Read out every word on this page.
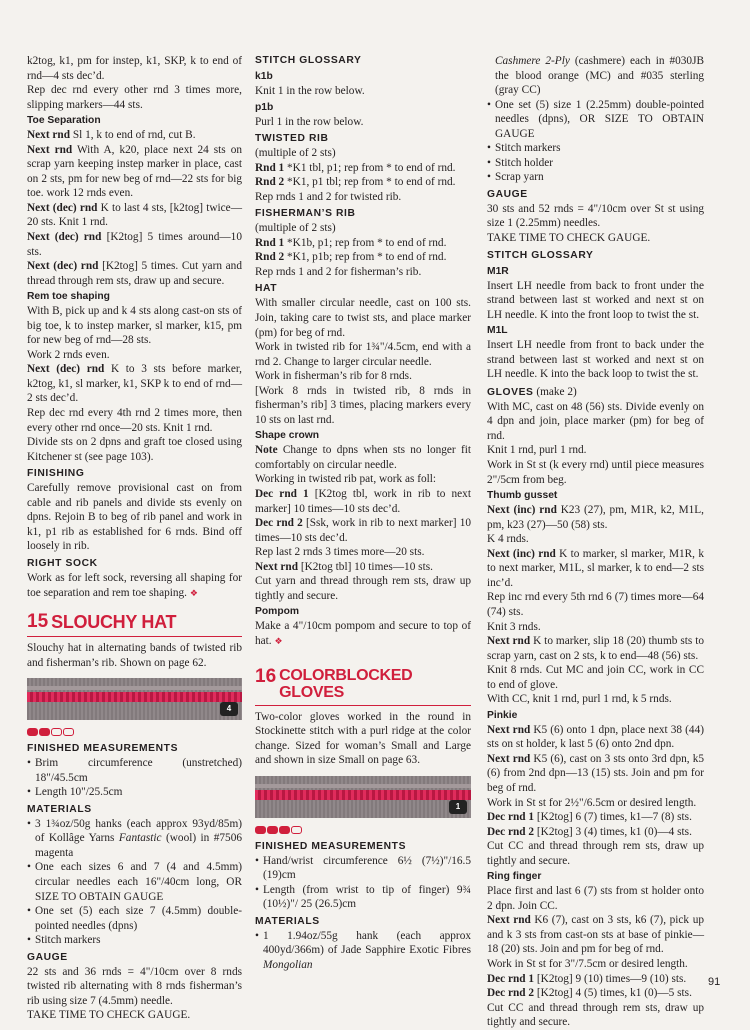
k2tog, k1, pm for instep, k1, SKP, k to end of rnd—4 sts dec’d.

Rep dec rnd every other rnd 3 times more, slipping markers—44 sts.

Toe Separation

Next rnd Sl 1, k to end of rnd, cut B.

Next rnd With A, k20, place next 24 sts on scrap yarn keeping instep marker in place, cast on 2 sts, pm for new beg of rnd—22 sts for big toe. work 12 rnds even.

Next (dec) rnd K to last 4 sts, [k2tog] twice—20 sts. Knit 1 rnd.

Next (dec) rnd [K2tog] 5 times around—10 sts.

Next (dec) rnd [K2tog] 5 times. Cut yarn and thread through rem sts, draw up and secure.

Rem toe shaping

With B, pick up and k 4 sts along cast-on sts of big toe, k to instep marker, sl marker, k15, pm for new beg of rnd—28 sts.

Work 2 rnds even.

Next (dec) rnd K to 3 sts before marker, k2tog, k1, sl marker, k1, SKP k to end of rnd—2 sts dec’d.

Rep dec rnd every 4th rnd 2 times more, then every other rnd once—20 sts. Knit 1 rnd.

Divide sts on 2 dpns and graft toe closed using Kitchener st (see page 103).

FINISHING

Carefully remove provisional cast on from cable and rib panels and divide sts evenly on dpns. Rejoin B to beg of rib panel and work in k1, p1 rib as established for 6 rnds. Bind off loosely in rib.

RIGHT SOCK

Work as for left sock, reversing all shaping for toe separation and rem toe shaping. ❖

15 SLOUCHY HAT

Slouchy hat in alternating bands of twisted rib and fisherman’s rib. Shown on page 62.

4
FINISHED MEASUREMENTS
• Brim circumference (unstretched) 18"/45.5cm
• Length 10"/25.5cm
MATERIALS
• 3 1¾oz/50g hanks (each approx 93yd/85m) of Kollâge Yarns Fantastic (wool) in #7506 magenta
• One each sizes 6 and 7 (4 and 4.5mm) circular needles each 16"/40cm long, OR SIZE TO OBTAIN GAUGE
• One set (5) each size 7 (4.5mm) double-pointed needles (dpns)
• Stitch markers
GAUGE

22 sts and 36 rnds = 4"/10cm over 8 rnds twisted rib alternating with 8 rnds fisherman’s rib using size 7 (4.5mm) needle.

TAKE TIME TO CHECK GAUGE.

STITCH GLOSSARY
k1b

Knit 1 in the row below.

p1b

Purl 1 in the row below.

TWISTED RIB

(multiple of 2 sts)

Rnd 1 *K1 tbl, p1; rep from * to end of rnd.

Rnd 2 *K1, p1 tbl; rep from * to end of rnd.

Rep rnds 1 and 2 for twisted rib.

FISHERMAN’S RIB

(multiple of 2 sts)

Rnd 1 *K1b, p1; rep from * to end of rnd.

Rnd 2 *K1, p1b; rep from * to end of rnd.

Rep rnds 1 and 2 for fisherman’s rib.

HAT

With smaller circular needle, cast on 100 sts. Join, taking care to twist sts, and place marker (pm) for beg of rnd.

Work in twisted rib for 1¾"/4.5cm, end with a rnd 2. Change to larger circular needle.

Work in fisherman’s rib for 8 rnds.

[Work 8 rnds in twisted rib, 8 rnds in fisherman’s rib] 3 times, placing markers every 10 sts on last rnd.

Shape crown

Note Change to dpns when sts no longer fit comfortably on circular needle.

Working in twisted rib pat, work as foll:

Dec rnd 1 [K2tog tbl, work in rib to next marker] 10 times—10 sts dec’d.

Dec rnd 2 [Ssk, work in rib to next marker] 10 times—10 sts dec’d.

Rep last 2 rnds 3 times more—20 sts.

Next rnd [K2tog tbl] 10 times—10 sts.

Cut yarn and thread through rem sts, draw up tightly and secure.

Pompom

Make a 4"/10cm pompom and secure to top of hat. ❖

16 COLORBLOCKED
GLOVES

Two-color gloves worked in the round in Stockinette stitch with a purl ridge at the color change. Sized for woman’s Small and Large and shown in size Small on page 63.

1
FINISHED MEASUREMENTS
• Hand/wrist circumference 6½ (7½)"/16.5 (19)cm
• Length (from wrist to tip of finger) 9¾ (10½)"/ 25 (26.5)cm
MATERIALS
• 1 1.94oz/55g hank (each approx 400yd/366m) of Jade Sapphire Exotic Fibres Mongolian

Cashmere 2-Ply (cashmere) each in #030JB the blood orange (MC) and #035 sterling (gray CC)

• One set (5) size 1 (2.25mm) double-pointed needles (dpns), OR SIZE TO OBTAIN GAUGE
• Stitch markers
• Stitch holder
• Scrap yarn
GAUGE

30 sts and 52 rnds = 4"/10cm over St st using size 1 (2.25mm) needles.

TAKE TIME TO CHECK GAUGE.

STITCH GLOSSARY
M1R

Insert LH needle from back to front under the strand between last st worked and next st on LH needle. K into the front loop to twist the st.

M1L

Insert LH needle from front to back under the strand between last st worked and next st on LH needle. K into the back loop to twist the st.

GLOVES (make 2)

With MC, cast on 48 (56) sts. Divide evenly on 4 dpn and join, place marker (pm) for beg of rnd.

Knit 1 rnd, purl 1 rnd.

Work in St st (k every rnd) until piece measures 2"/5cm from beg.

Thumb gusset

Next (inc) rnd K23 (27), pm, M1R, k2, M1L, pm, k23 (27)—50 (58) sts.

K 4 rnds.

Next (inc) rnd K to marker, sl marker, M1R, k to next marker, M1L, sl marker, k to end—2 sts inc’d.

Rep inc rnd every 5th rnd 6 (7) times more—64 (74) sts.

Knit 3 rnds.

Next rnd K to marker, slip 18 (20) thumb sts to scrap yarn, cast on 2 sts, k to end—48 (56) sts.

Knit 8 rnds. Cut MC and join CC, work in CC to end of glove.

With CC, knit 1 rnd, purl 1 rnd, k 5 rnds.

Pinkie

Next rnd K5 (6) onto 1 dpn, place next 38 (44) sts on st holder, k last 5 (6) onto 2nd dpn.

Next rnd K5 (6), cast on 3 sts onto 3rd dpn, k5 (6) from 2nd dpn—13 (15) sts. Join and pm for beg of rnd.

Work in St st for 2½"/6.5cm or desired length.

Dec rnd 1 [K2tog] 6 (7) times, k1—7 (8) sts.

Dec rnd 2 [K2tog] 3 (4) times, k1 (0)—4 sts.

Cut CC and thread through rem sts, draw up tightly and secure.

Ring finger

Place first and last 6 (7) sts from st holder onto 2 dpn. Join CC.

Next rnd K6 (7), cast on 3 sts, k6 (7), pick up and k 3 sts from cast-on sts at base of pinkie—18 (20) sts. Join and pm for beg of rnd.

Work in St st for 3"/7.5cm or desired length.

Dec rnd 1 [K2tog] 9 (10) times—9 (10) sts.

Dec rnd 2 [K2tog] 4 (5) times, k1 (0)—5 sts.

Cut CC and thread through rem sts, draw up tightly and secure.

91
